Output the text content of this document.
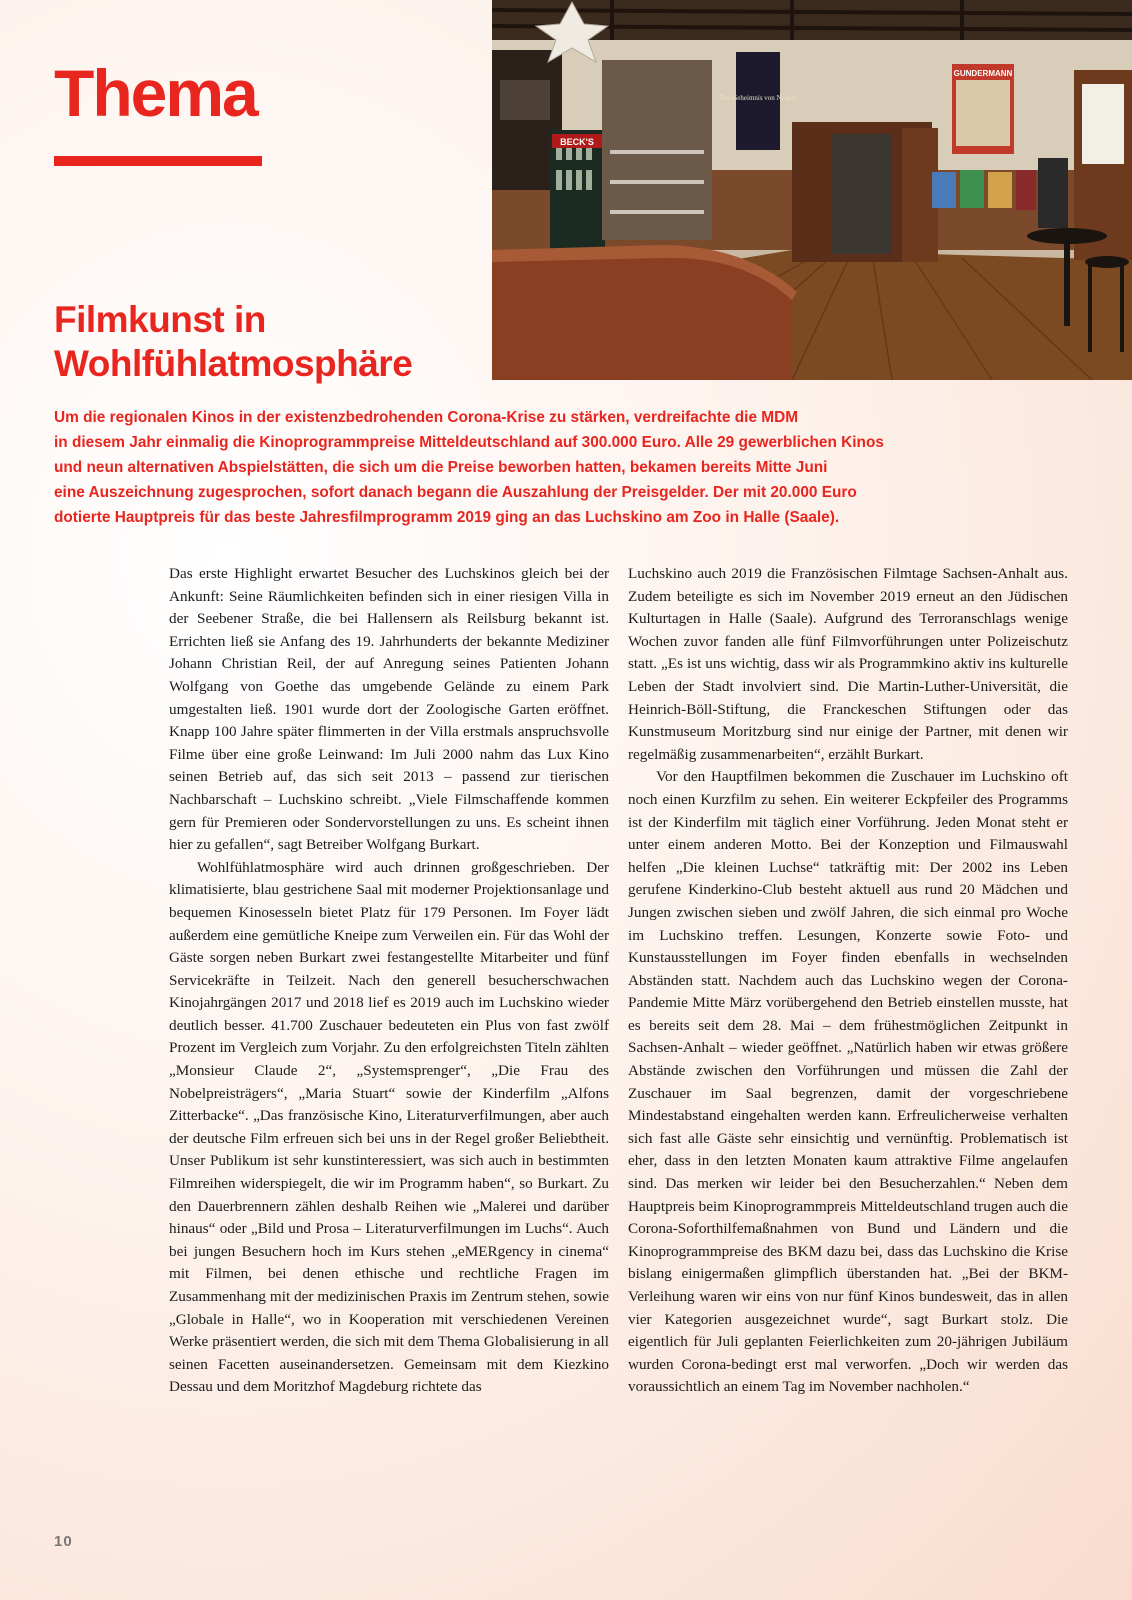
Thema
Filmkunst in
Wohlfühlatmosphäre
BECK'S
Das Geheimnis von Neapel
GUNDERMANN
Um die regionalen Kinos in der existenzbedrohenden Corona-Krise zu stärken, verdreifachte die MDM
in diesem Jahr einmalig die Kinoprogrammpreise Mitteldeutschland auf 300.000 Euro. Alle 29 gewerblichen Kinos
und neun alternativen Abspielstätten, die sich um die Preise beworben hatten, bekamen bereits Mitte Juni
eine Auszeichnung zugesprochen, sofort danach begann die Auszahlung der Preisgelder. Der mit 20.000 Euro
dotierte Hauptpreis für das beste Jahresfilmprogramm 2019 ging an das Luchskino am Zoo in Halle (Saale).

Das erste Highlight erwartet Besucher des Luchskinos gleich bei der Ankunft: Seine Räumlichkeiten befinden sich in einer riesigen Villa in der Seebener Straße, die bei Hallensern als Reilsburg bekannt ist. Errichten ließ sie Anfang des 19. Jahrhunderts der bekannte Mediziner Johann Christian Reil, der auf Anregung seines Patienten Johann Wolfgang von Goethe das umgebende Gelände zu einem Park umgestalten ließ. 1901 wurde dort der Zoologische Garten eröffnet. Knapp 100 Jahre später flimmerten in der Villa erstmals anspruchsvolle Filme über eine große Leinwand: Im Juli 2000 nahm das Lux Kino seinen Betrieb auf, das sich seit 2013 – passend zur tierischen Nachbarschaft – Luchskino schreibt. „Viele Filmschaffende kommen gern für Premieren oder Sondervorstellungen zu uns. Es scheint ihnen hier zu gefallen“, sagt Betreiber Wolfgang Burkart.

Wohlfühlatmosphäre wird auch drinnen großgeschrieben. Der klimatisierte, blau gestrichene Saal mit moderner Projektionsanlage und bequemen Kinosesseln bietet Platz für 179 Personen. Im Foyer lädt außerdem eine gemütliche Kneipe zum Verweilen ein. Für das Wohl der Gäste sorgen neben Burkart zwei festangestellte Mitarbeiter und fünf Servicekräfte in Teilzeit. Nach den generell besucherschwachen Kinojahrgängen 2017 und 2018 lief es 2019 auch im Luchskino wieder deutlich besser. 41.700 Zuschauer bedeuteten ein Plus von fast zwölf Prozent im Vergleich zum Vorjahr. Zu den erfolgreichsten Titeln zählten „Monsieur Claude 2“, „Systemsprenger“, „Die Frau des Nobelpreisträgers“, „Maria Stuart“ sowie der Kinderfilm „Alfons Zitterbacke“. „Das französische Kino, Literaturverfilmungen, aber auch der deutsche Film erfreuen sich bei uns in der Regel großer Beliebtheit. Unser Publikum ist sehr kunstinteressiert, was sich auch in bestimmten Filmreihen widerspiegelt, die wir im Programm haben“, so Burkart. Zu den Dauerbrennern zählen deshalb Reihen wie „Malerei und darüber hinaus“ oder „Bild und Prosa – Literaturverfilmungen im Luchs“. Auch bei jungen Besuchern hoch im Kurs stehen „eMERgency in cinema“ mit Filmen, bei denen ethische und rechtliche Fragen im Zusammenhang mit der medizinischen Praxis im Zentrum stehen, sowie „Globale in Halle“, wo in Kooperation mit verschiedenen Vereinen Werke präsentiert werden, die sich mit dem Thema Globalisierung in all seinen Facetten auseinandersetzen. Gemeinsam mit dem Kiezkino Dessau und dem Moritzhof Magdeburg richtete das

Luchskino auch 2019 die Französischen Filmtage Sachsen-Anhalt aus. Zudem beteiligte es sich im November 2019 erneut an den Jüdischen Kulturtagen in Halle (Saale). Aufgrund des Terroranschlags wenige Wochen zuvor fanden alle fünf Filmvorführungen unter Polizeischutz statt. „Es ist uns wichtig, dass wir als Programmkino aktiv ins kulturelle Leben der Stadt involviert sind. Die Martin-Luther-Universität, die Heinrich-Böll-Stiftung, die Franckeschen Stiftungen oder das Kunstmuseum Moritzburg sind nur einige der Partner, mit denen wir regelmäßig zusammenarbeiten“, erzählt Burkart.

Vor den Hauptfilmen bekommen die Zuschauer im Luchskino oft noch einen Kurzfilm zu sehen. Ein weiterer Eckpfeiler des Programms ist der Kinderfilm mit täglich einer Vorführung. Jeden Monat steht er unter einem anderen Motto. Bei der Konzeption und Filmauswahl helfen „Die kleinen Luchse“ tatkräftig mit: Der 2002 ins Leben gerufene Kinderkino-Club besteht aktuell aus rund 20 Mädchen und Jungen zwischen sieben und zwölf Jahren, die sich einmal pro Woche im Luchskino treffen. Lesungen, Konzerte sowie Foto- und Kunstausstellungen im Foyer finden ebenfalls in wechselnden Abständen statt. Nachdem auch das Luchskino wegen der Corona-Pandemie Mitte März vorübergehend den Betrieb einstellen musste, hat es bereits seit dem 28. Mai – dem frühestmöglichen Zeitpunkt in Sachsen-Anhalt – wieder geöffnet. „Natürlich haben wir etwas größere Abstände zwischen den Vorführungen und müssen die Zahl der Zuschauer im Saal begrenzen, damit der vorgeschriebene Mindestabstand eingehalten werden kann. Erfreulicherweise verhalten sich fast alle Gäste sehr einsichtig und vernünftig. Problematisch ist eher, dass in den letzten Monaten kaum attraktive Filme angelaufen sind. Das merken wir leider bei den Besucherzahlen.“ Neben dem Hauptpreis beim Kinoprogrammpreis Mitteldeutschland trugen auch die Corona-Soforthilfemaßnahmen von Bund und Ländern und die Kinoprogrammpreise des BKM dazu bei, dass das Luchskino die Krise bislang einigermaßen glimpflich überstanden hat. „Bei der BKM-Verleihung waren wir eins von nur fünf Kinos bundesweit, das in allen vier Kategorien ausgezeichnet wurde“, sagt Burkart stolz. Die eigentlich für Juli geplanten Feierlichkeiten zum 20-jährigen Jubiläum wurden Corona-bedingt erst mal verworfen. „Doch wir werden das voraussichtlich an einem Tag im November nachholen.“

10
